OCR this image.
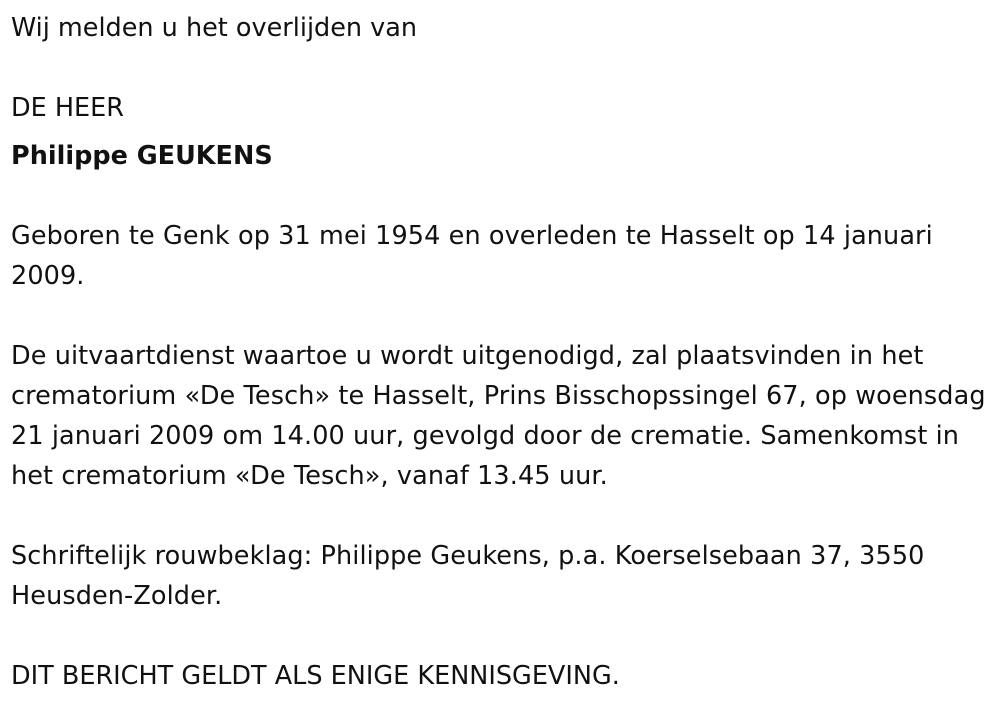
Wij melden u het overlijden van

DE HEER

Philippe GEUKENS

Geboren te Genk op 31 mei 1954 en overleden te Hasselt op 14 januari 2009.

De uitvaartdienst waartoe u wordt uitgenodigd, zal plaatsvinden in het crematorium «De Tesch» te Hasselt, Prins Bisschopssingel 67, op woensdag 21 januari 2009 om 14.00 uur, gevolgd door de crematie. Samenkomst in het crematorium «De Tesch», vanaf 13.45 uur.

Schriftelijk rouwbeklag: Philippe Geukens, p.a. Koerselsebaan 37, 3550 Heusden-Zolder.

DIT BERICHT GELDT ALS ENIGE KENNISGEVING.
